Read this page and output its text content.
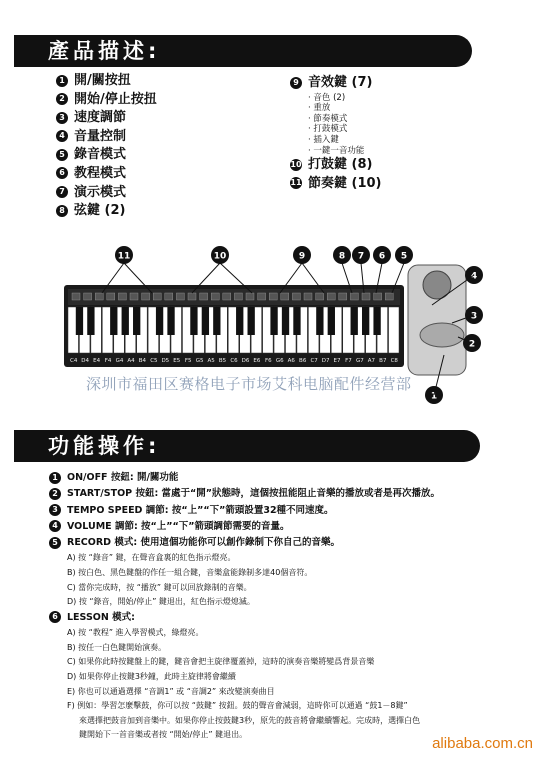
產品描述:
1 開/關按扭
2 開始/停止按扭
3 速度調節
4 音量控制
5 錄音模式
6 教程模式
7 演示模式
8 弦鍵 (2)
9 音效鍵 (7)
· 音色 (2)
· 重放
· 節奏模式
· 打鼓模式
· 插入鍵
· 一鍵一音功能
10 打鼓鍵 (8)
11 節奏鍵 (10)
C4 D4 E4 F4 G4 A4 B4 C5 D5 E5 F5 G5 A5 B5 C6 D6 E6 F6 G6 A6 B6 C7 D7 E7 F7 G7 A7 B7 C8
11	10	9	8 7 6 5
4
3
2
1
深圳市福田区赛格电子市场艾科电脑配件经营部
功能操作:
1 ON/OFF 按鈕: 開/關功能
2 START/STOP 按鈕: 當處于“開”狀態時，這個按扭能阻止音樂的播放或者是再次播放。
3 TEMPO SPEED 調節: 按“上”“下”箭頭設置32種不同速度。
4 VOLUME 調節: 按“上”“下”箭頭調節需要的音量。
5 RECORD 模式: 使用這個功能你可以創作錄制下你自己的音樂。
A) 按 “錄音” 鍵，在聲音盒裏的紅色指示燈亮。
B) 按白色、黑色鍵盤的作任一組合鍵，音樂盒能錄制多達40個音符。
C) 當你完成時，按 “播放” 鍵可以回放錄制的音樂。
D) 按 “錄音，開始/停止” 鍵退出，紅色指示燈熄滅。
6 LESSON 模式:
A) 按 “教程” 進入學習模式，綠燈亮。
B) 按任一白色鍵開始演奏。
C) 如果你此時按鍵盤上的鍵，鍵音會把主旋律覆蓋掉，這時的演奏音樂將變爲背景音樂
D) 如果你停止按鍵3秒鐘，此時主旋律將會繼續
E) 你也可以通過選擇 “音調1” 或 “音調2” 來改變演奏曲目
F) 例如：學習怎麼擊鼓，你可以按 “鼓鍵” 按鈕。鼓的聲音會減弱，這時你可以通過 “鼓1－8鍵”
來選擇把鼓音加到音樂中。如果你停止按鼓鍵3秒，原先的鼓音將會繼續響起。完成時，選擇白色
鍵開始下一首音樂或者按 “開始/停止” 鍵退出。
alibaba.com.cn
